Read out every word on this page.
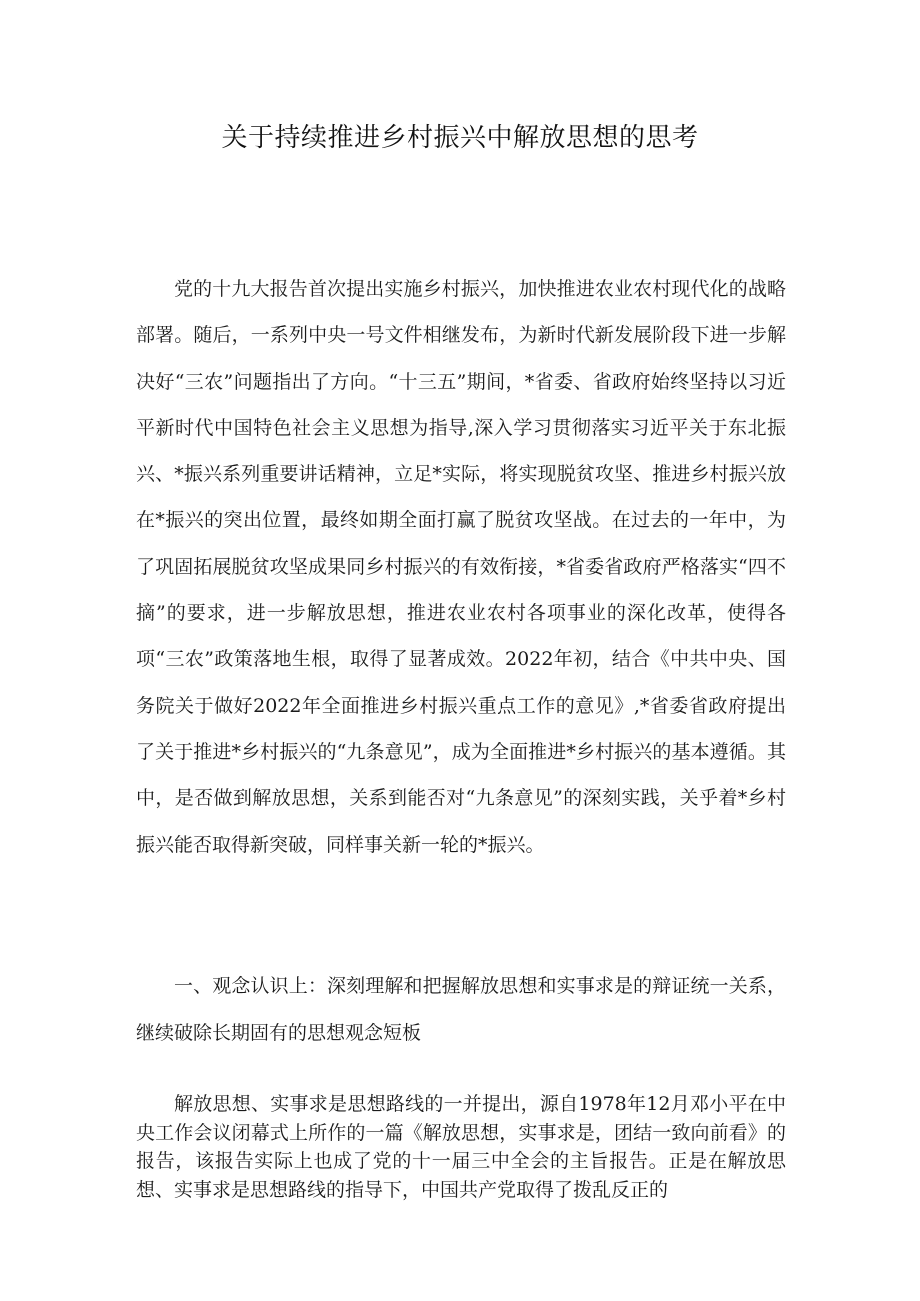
关于持续推进乡村振兴中解放思想的思考

党的十九大报告首次提出实施乡村振兴，加快推进农业农村现代化的战略部署。随后，一系列中央一号文件相继发布，为新时代新发展阶段下进一步解决好“三农”问题指出了方向。“十三五”期间，*省委、省政府始终坚持以习近平新时代中国特色社会主义思想为指导,深入学习贯彻落实习近平关于东北振兴、*振兴系列重要讲话精神，立足*实际，将实现脱贫攻坚、推进乡村振兴放在*振兴的突出位置，最终如期全面打赢了脱贫攻坚战。在过去的一年中，为了巩固拓展脱贫攻坚成果同乡村振兴的有效衔接，*省委省政府严格落实“四不摘”的要求，进一步解放思想，推进农业农村各项事业的深化改革，使得各项“三农”政策落地生根，取得了显著成效。2022年初，结合《中共中央、国务院关于做好2022年全面推进乡村振兴重点工作的意见》,*省委省政府提出了关于推进*乡村振兴的“九条意见”，成为全面推进*乡村振兴的基本遵循。其中，是否做到解放思想，关系到能否对“九条意见”的深刻实践，关乎着*乡村振兴能否取得新突破，同样事关新一轮的*振兴。

一、观念认识上：深刻理解和把握解放思想和实事求是的辩证统一关系，继续破除长期固有的思想观念短板

解放思想、实事求是思想路线的一并提出，源自1978年12月邓小平在中央工作会议闭幕式上所作的一篇《解放思想，实事求是，团结一致向前看》的报告，该报告实际上也成了党的十一届三中全会的主旨报告。正是在解放思想、实事求是思想路线的指导下，中国共产党取得了拨乱反正的
